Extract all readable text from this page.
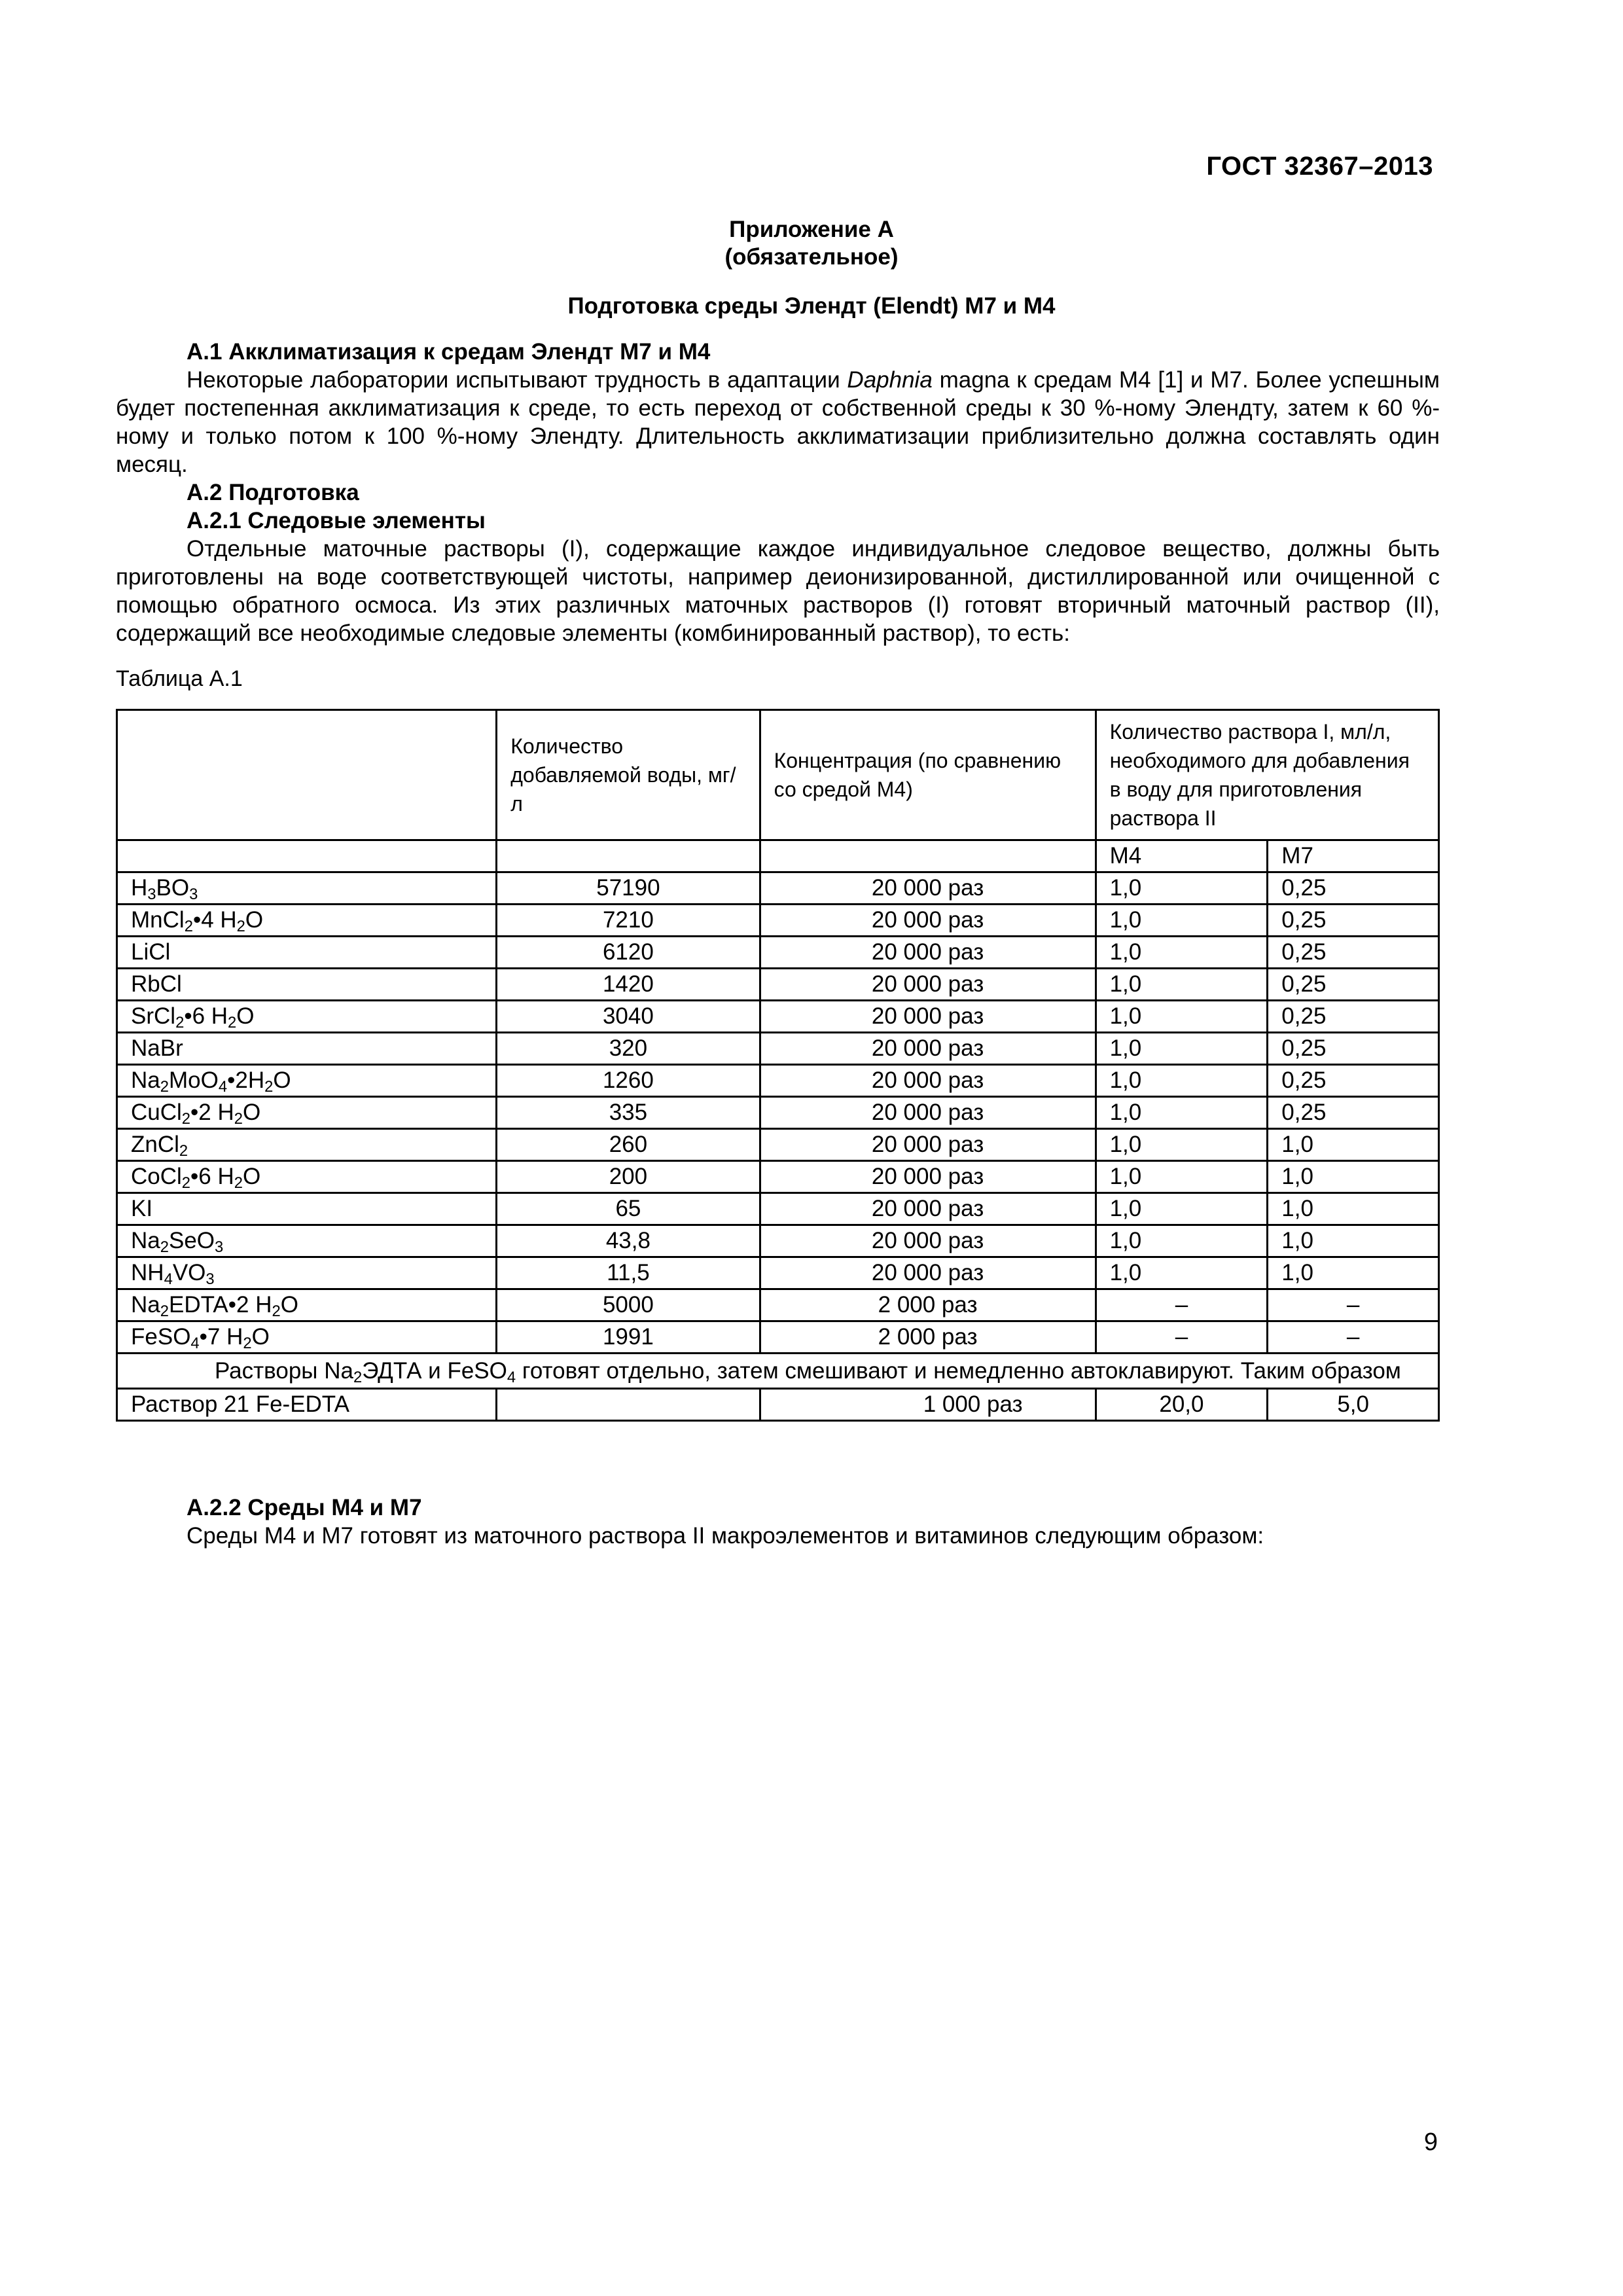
ГОСТ 32367–2013
Приложение А
(обязательное)
Подготовка среды Элендт (Elendt) M7 и M4
А.1 Акклиматизация к средам Элендт M7 и M4

Некоторые лаборатории испытывают трудность в адаптации Daphnia magna к средам M4 [1] и M7. Более успешным будет постепенная акклиматизация к среде, то есть переход от собственной среды к 30 %-ному Элендту, затем к 60 %-ному и только потом к 100 %-ному Элендту. Длительность акклиматизации приблизительно должна составлять один месяц.

А.2 Подготовка
А.2.1 Следовые элементы

Отдельные маточные растворы (I), содержащие каждое индивидуальное следовое вещество, должны быть приготовлены на воде соответствующей чистоты, например деионизированной, дистиллированной или очищенной с помощью обратного осмоса. Из этих различных маточных растворов (I) готовят вторичный маточный раствор (II), содержащий все необходимые следовые элементы (комбинированный раствор), то есть:

Таблица А.1
	Количество добавляемой воды, мг/л	Концентрация (по сравнению со средой M4)	Количество раствора I, мл/л, необходимого для добавления в воду для приготовления раствора II	
			M4	M7
$H_3BO_3$	57190	20 000 раз	1,0	0,25
MnCl$_2$•4 $H_2O$	7210	20 000 раз	1,0	0,25
LiCl	6120	20 000 раз	1,0	0,25
RbCl	1420	20 000 раз	1,0	0,25
SrCl$_2$•6 $H_2O$	3040	20 000 раз	1,0	0,25
NaBr	320	20 000 раз	1,0	0,25
$Na_2MoO_4•2H_2O$	1260	20 000 раз	1,0	0,25
CuCl$_2$•2 $H_2O$	335	20 000 раз	1,0	0,25
ZnCl$_2$	260	20 000 раз	1,0	1,0
CoCl$_2$•6 $H_2O$	200	20 000 раз	1,0	1,0
KI	65	20 000 раз	1,0	1,0
$Na_2SeO_3$	43,8	20 000 раз	1,0	1,0
$NH_4VO_3$	11,5	20 000 раз	1,0	1,0
$Na_2EDTA•2$ $H_2O$	5000	2 000 раз	–	–
FeSO$_4$•7 $H_2O$	1991	2 000 раз	–	–
Растворы $Na_2ЭДТА$ и FeSO$_4$ готовят отдельно, затем смешивают и немедленно автоклавируют. Таким образом				
Раствор 21 Fe-EDTA		1 000 раз	20,0	5,0
А.2.2 Среды M4 и M7
Среды M4 и M7 готовят из маточного раствора II макроэлементов и витаминов следующим образом:
9
